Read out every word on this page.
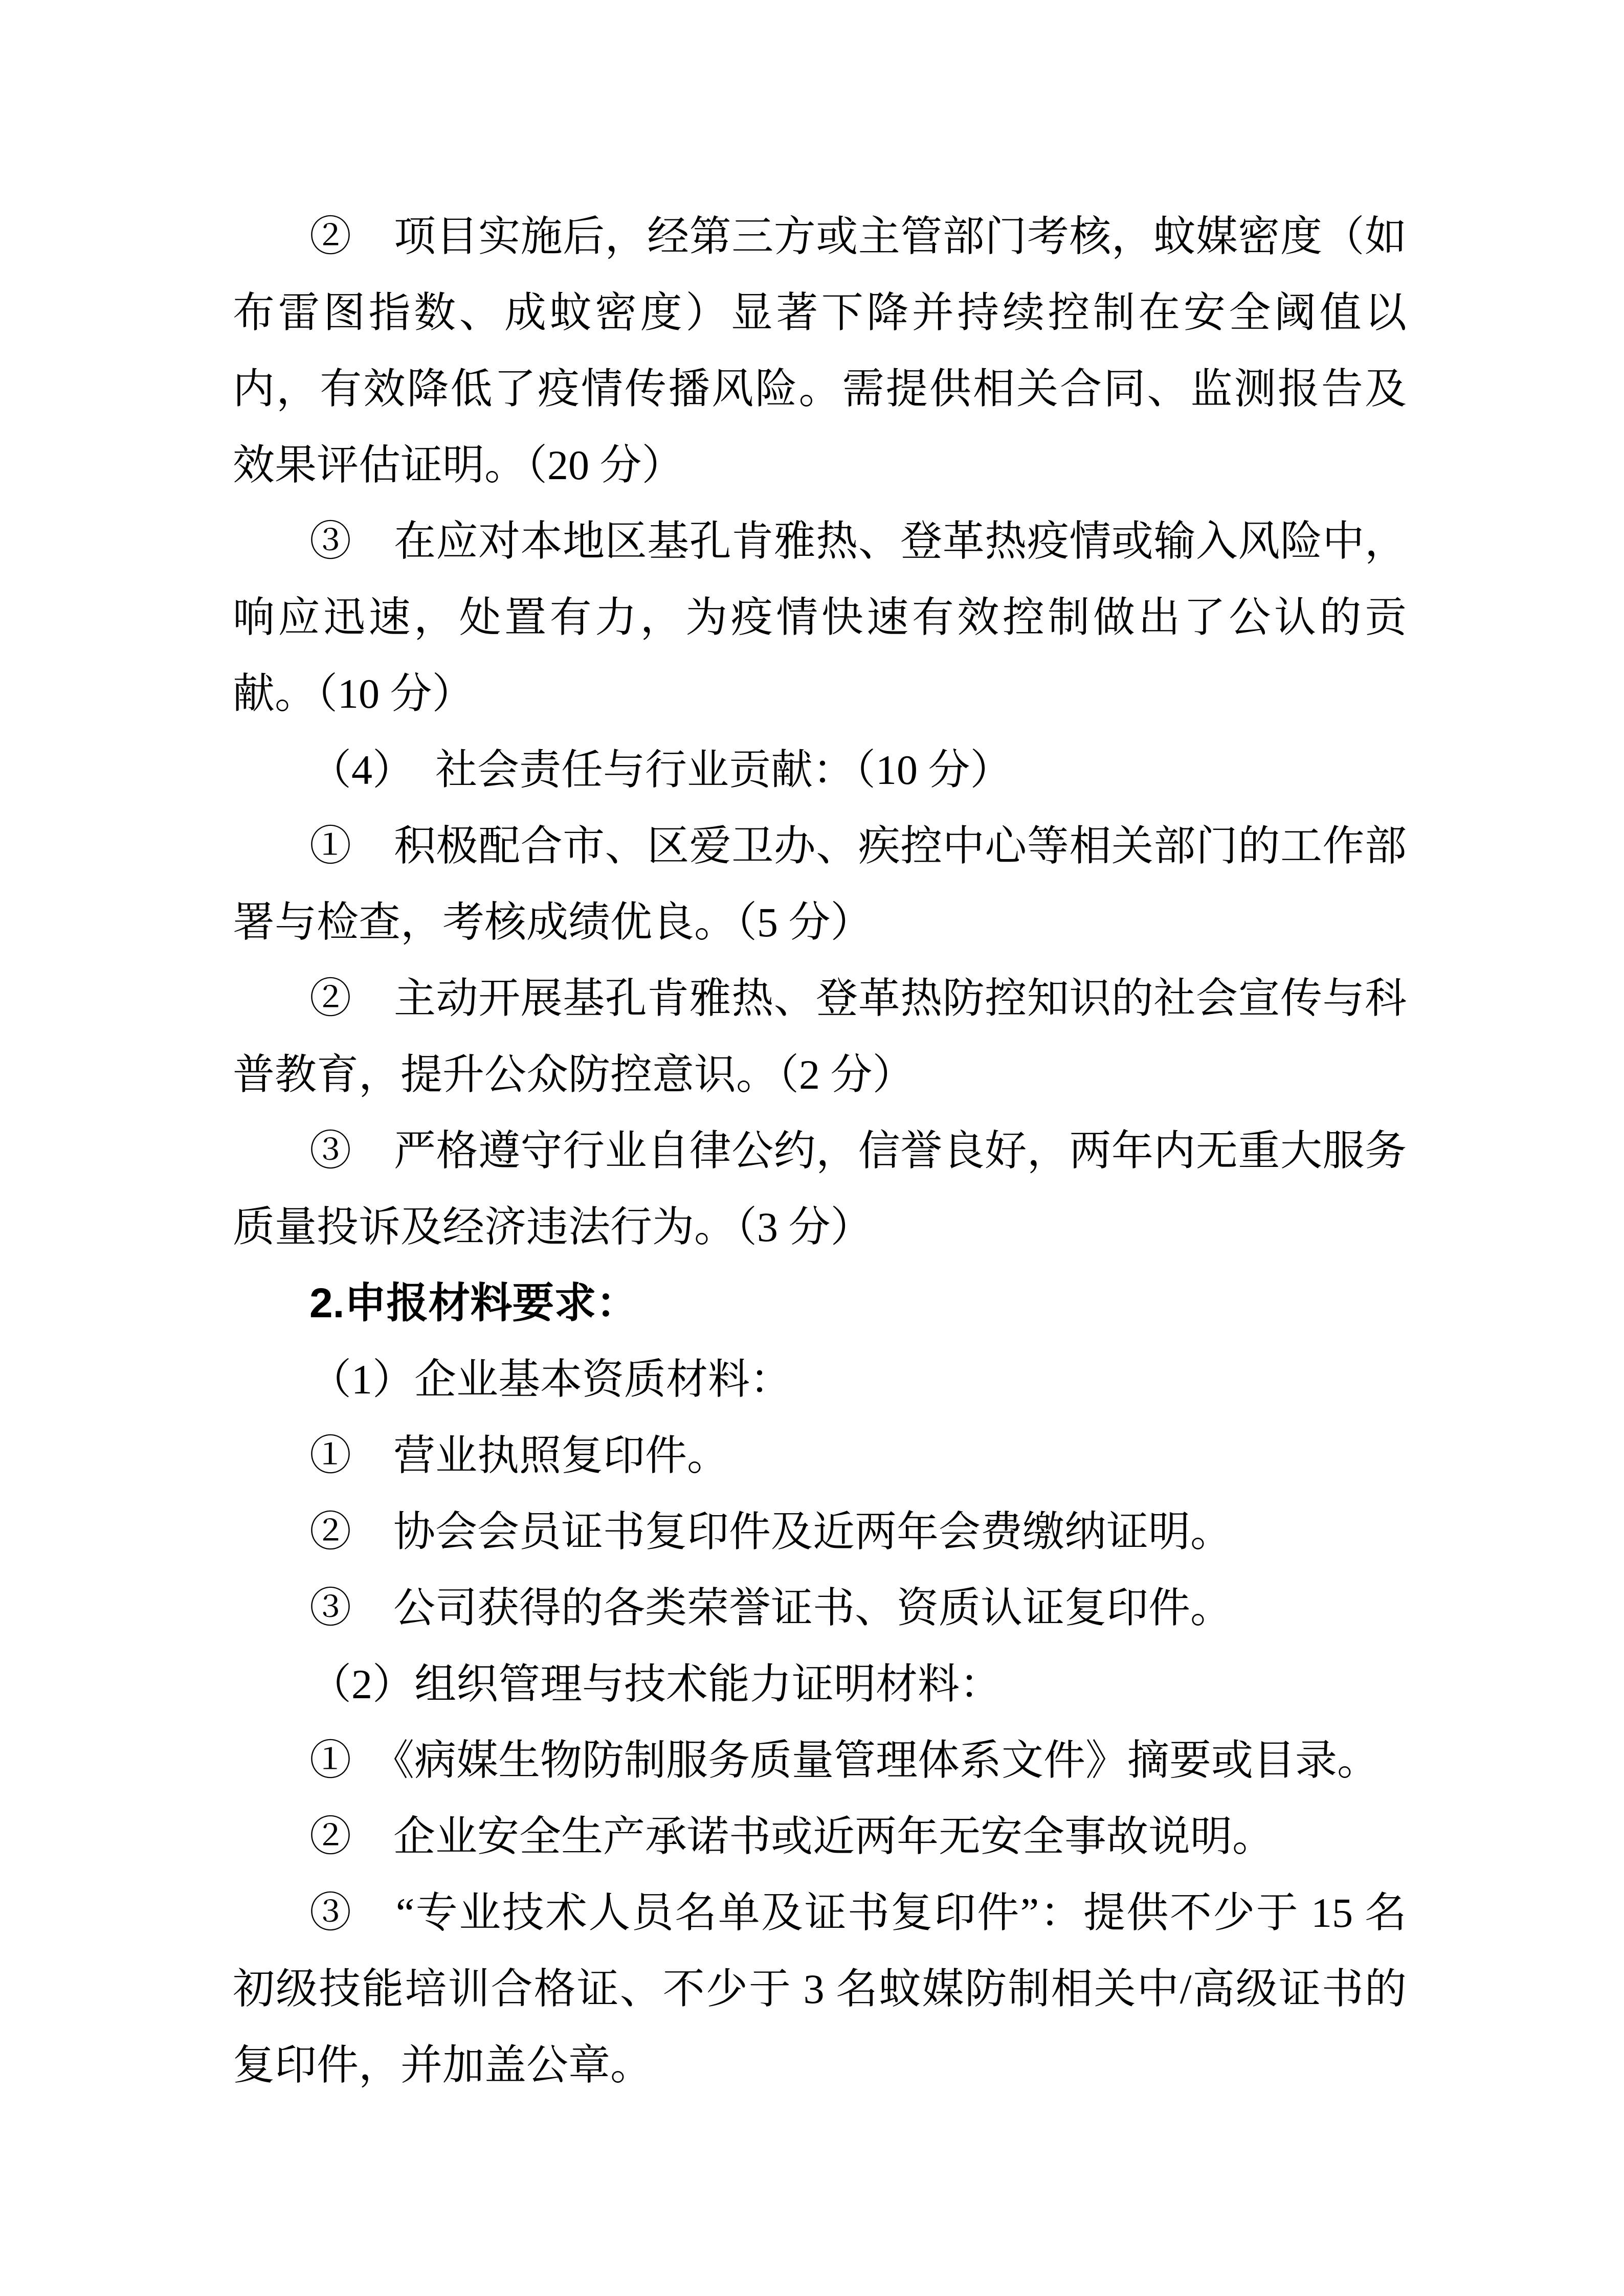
②　项目实施后，经第三方或主管部门考核，蚊媒密度（如布雷图指数、成蚊密度）显著下降并持续控制在安全阈值以内，有效降低了疫情传播风险。需提供相关合同、监测报告及效果评估证明。（20 分）

③　在应对本地区基孔肯雅热、登革热疫情或输入风险中，响应迅速，处置有力，为疫情快速有效控制做出了公认的贡献。（10 分）

（4）　社会责任与行业贡献：（10 分）

①　积极配合市、区爱卫办、疾控中心等相关部门的工作部署与检查，考核成绩优良。（5 分）

②　主动开展基孔肯雅热、登革热防控知识的社会宣传与科普教育，提升公众防控意识。（2 分）

③　严格遵守行业自律公约，信誉良好，两年内无重大服务质量投诉及经济违法行为。（3 分）

2.申报材料要求：

（1）企业基本资质材料：

①　营业执照复印件。

②　协会会员证书复印件及近两年会费缴纳证明。

③　公司获得的各类荣誉证书、资质认证复印件。

（2）组织管理与技术能力证明材料：

①　《病媒生物防制服务质量管理体系文件》摘要或目录。

②　企业安全生产承诺书或近两年无安全事故说明。

③　“专业技术人员名单及证书复印件”：提供不少于 15 名初级技能培训合格证、不少于 3 名蚊媒防制相关中/高级证书的复印件，并加盖公章。
